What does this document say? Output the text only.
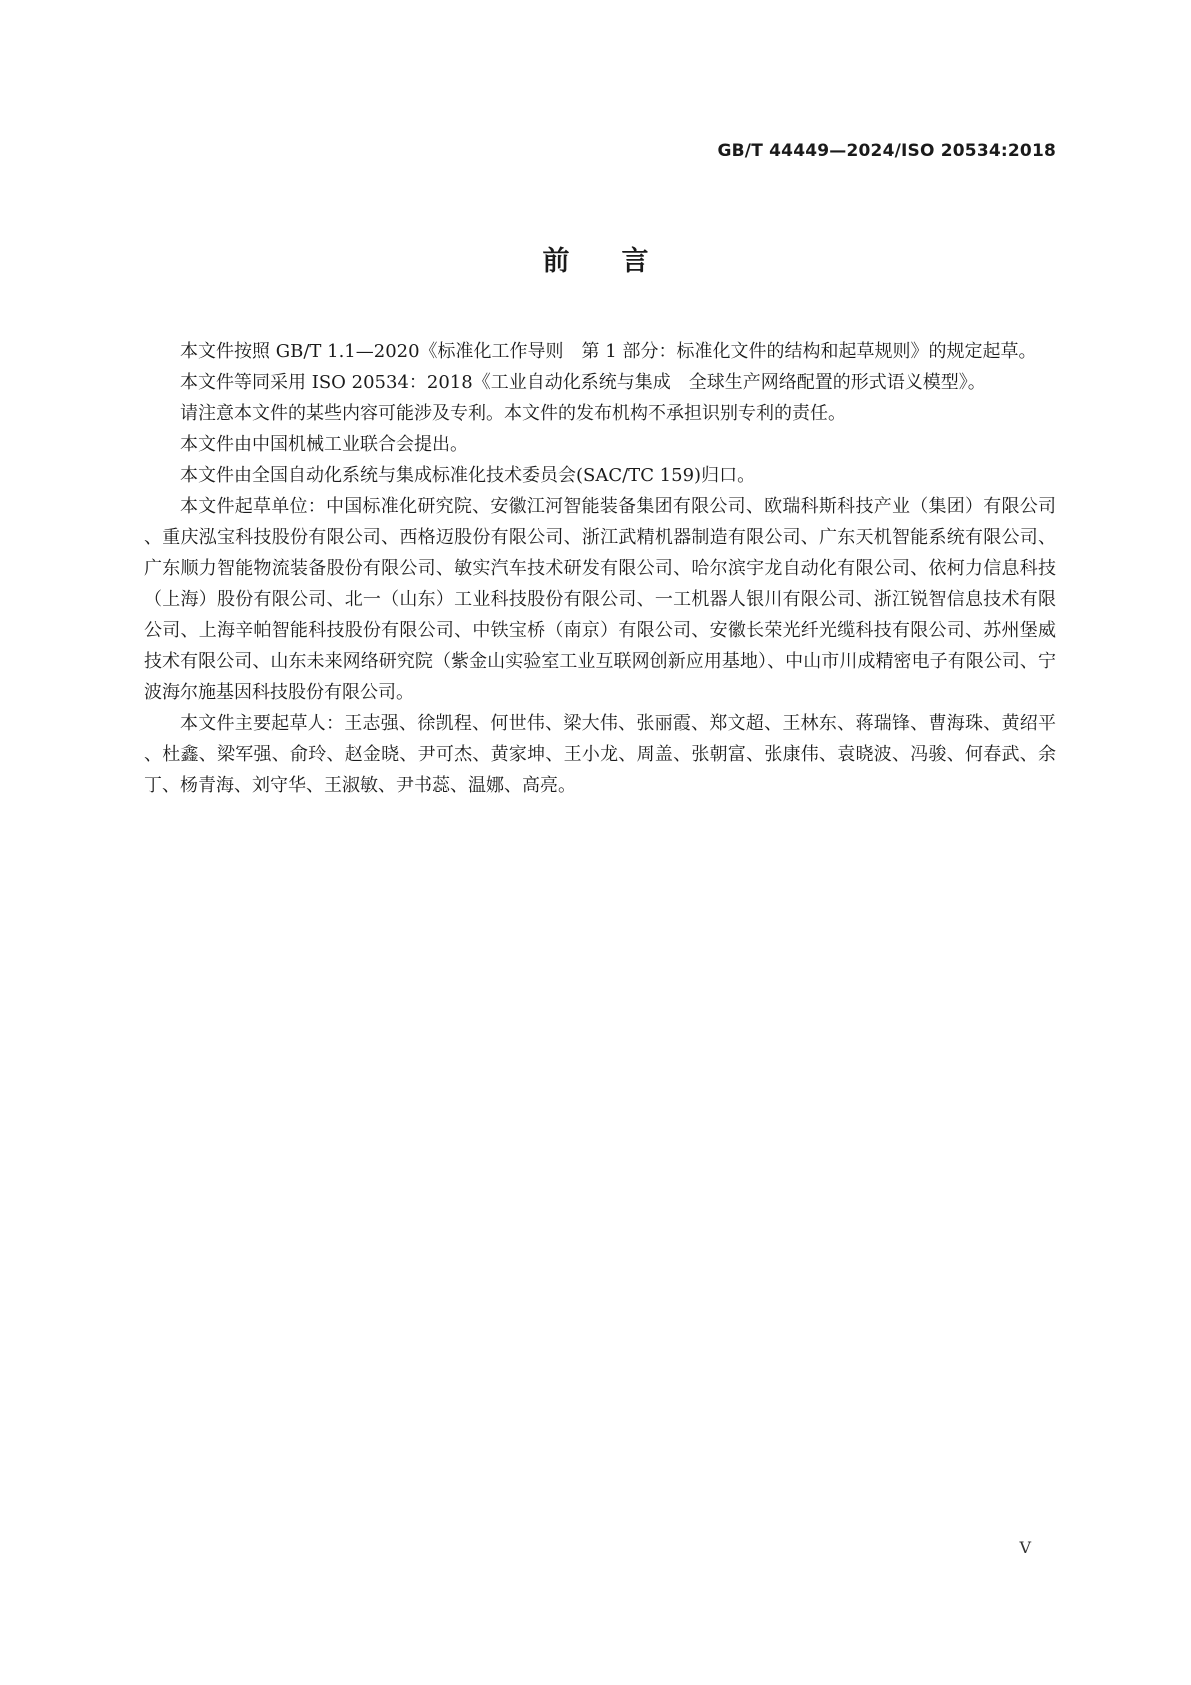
GB/T 44449—2024/ISO 20534:2018
前言

本文件按照 GB/T 1.1—2020《标准化工作导则　第 1 部分：标准化文件的结构和起草规则》的规定起草。

本文件等同采用 ISO 20534：2018《工业自动化系统与集成　全球生产网络配置的形式语义模型》。

请注意本文件的某些内容可能涉及专利。本文件的发布机构不承担识别专利的责任。

本文件由中国机械工业联合会提出。

本文件由全国自动化系统与集成标准化技术委员会(SAC/TC 159)归口。

本文件起草单位：中国标准化研究院、安徽江河智能装备集团有限公司、欧瑞科斯科技产业（集团）有限公司、重庆泓宝科技股份有限公司、西格迈股份有限公司、浙江武精机器制造有限公司、广东天机智能系统有限公司、广东顺力智能物流装备股份有限公司、敏实汽车技术研发有限公司、哈尔滨宇龙自动化有限公司、依柯力信息科技（上海）股份有限公司、北一（山东）工业科技股份有限公司、一工机器人银川有限公司、浙江锐智信息技术有限公司、上海辛帕智能科技股份有限公司、中铁宝桥（南京）有限公司、安徽长荣光纤光缆科技有限公司、苏州堡威技术有限公司、山东未来网络研究院（紫金山实验室工业互联网创新应用基地）、中山市川成精密电子有限公司、宁波海尔施基因科技股份有限公司。

本文件主要起草人：王志强、徐凯程、何世伟、梁大伟、张丽霞、郑文超、王林东、蒋瑞锋、曹海珠、黄绍平、杜鑫、梁军强、俞玲、赵金晓、尹可杰、黄家坤、王小龙、周盖、张朝富、张康伟、袁晓波、冯骏、何春武、余丁、杨青海、刘守华、王淑敏、尹书蕊、温娜、高亮。

V
